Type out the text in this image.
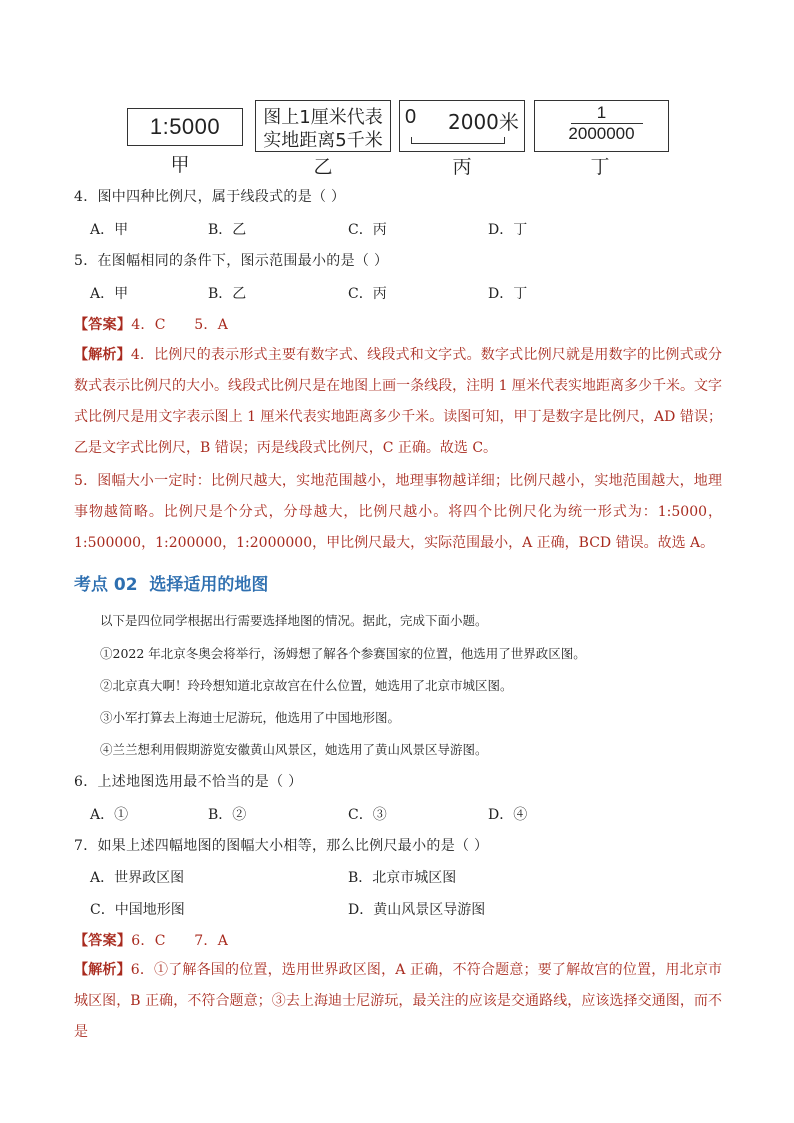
1:5000
甲
图上1厘米代表
实地距离5千米
乙
0 2000米
丙
1
2000000
丁
4．图中四种比例尺，属于线段式的是（ ）
A．甲	B．乙	C．丙	D．丁
5．在图幅相同的条件下，图示范围最小的是（ ）
A．甲	B．乙	C．丙	D．丁
【答案】4．C      5．A
【解析】4．比例尺的表示形式主要有数字式、线段式和文字式。数字式比例尺就是用数字的比例式或分数式表示比例尺的大小。线段式比例尺是在地图上画一条线段，注明 1 厘米代表实地距离多少千米。文字式比例尺是用文字表示图上 1 厘米代表实地距离多少千米。读图可知，甲丁是数字是比例尺，AD 错误；乙是文字式比例尺，B 错误；丙是线段式比例尺，C 正确。故选 C。
5．图幅大小一定时：比例尺越大，实地范围越小，地理事物越详细；比例尺越小，实地范围越大，地理事物越简略。比例尺是个分式，分母越大，比例尺越小。将四个比例尺化为统一形式为：1:5000，1:500000，1:200000，1:2000000，甲比例尺最大，实际范围最小，A 正确，BCD 错误。故选 A。
考点 02  选择适用的地图
以下是四位同学根据出行需要选择地图的情况。据此，完成下面小题。
①2022 年北京冬奥会将举行，汤姆想了解各个参赛国家的位置，他选用了世界政区图。
②北京真大啊！玲玲想知道北京故宫在什么位置，她选用了北京市城区图。
③小军打算去上海迪士尼游玩，他选用了中国地形图。
④兰兰想利用假期游览安徽黄山风景区，她选用了黄山风景区导游图。
6．上述地图选用最不恰当的是（ ）
A．①	B．②	C．③	D．④
7．如果上述四幅地图的图幅大小相等，那么比例尺最小的是（ ）
A．世界政区图	B．北京市城区图
C．中国地形图	D．黄山风景区导游图
【答案】6．C      7．A
【解析】6．①了解各国的位置，选用世界政区图，A 正确，不符合题意；要了解故宫的位置，用北京市城区图，B 正确，不符合题意；③去上海迪士尼游玩，最关注的应该是交通路线，应该选择交通图，而不是
